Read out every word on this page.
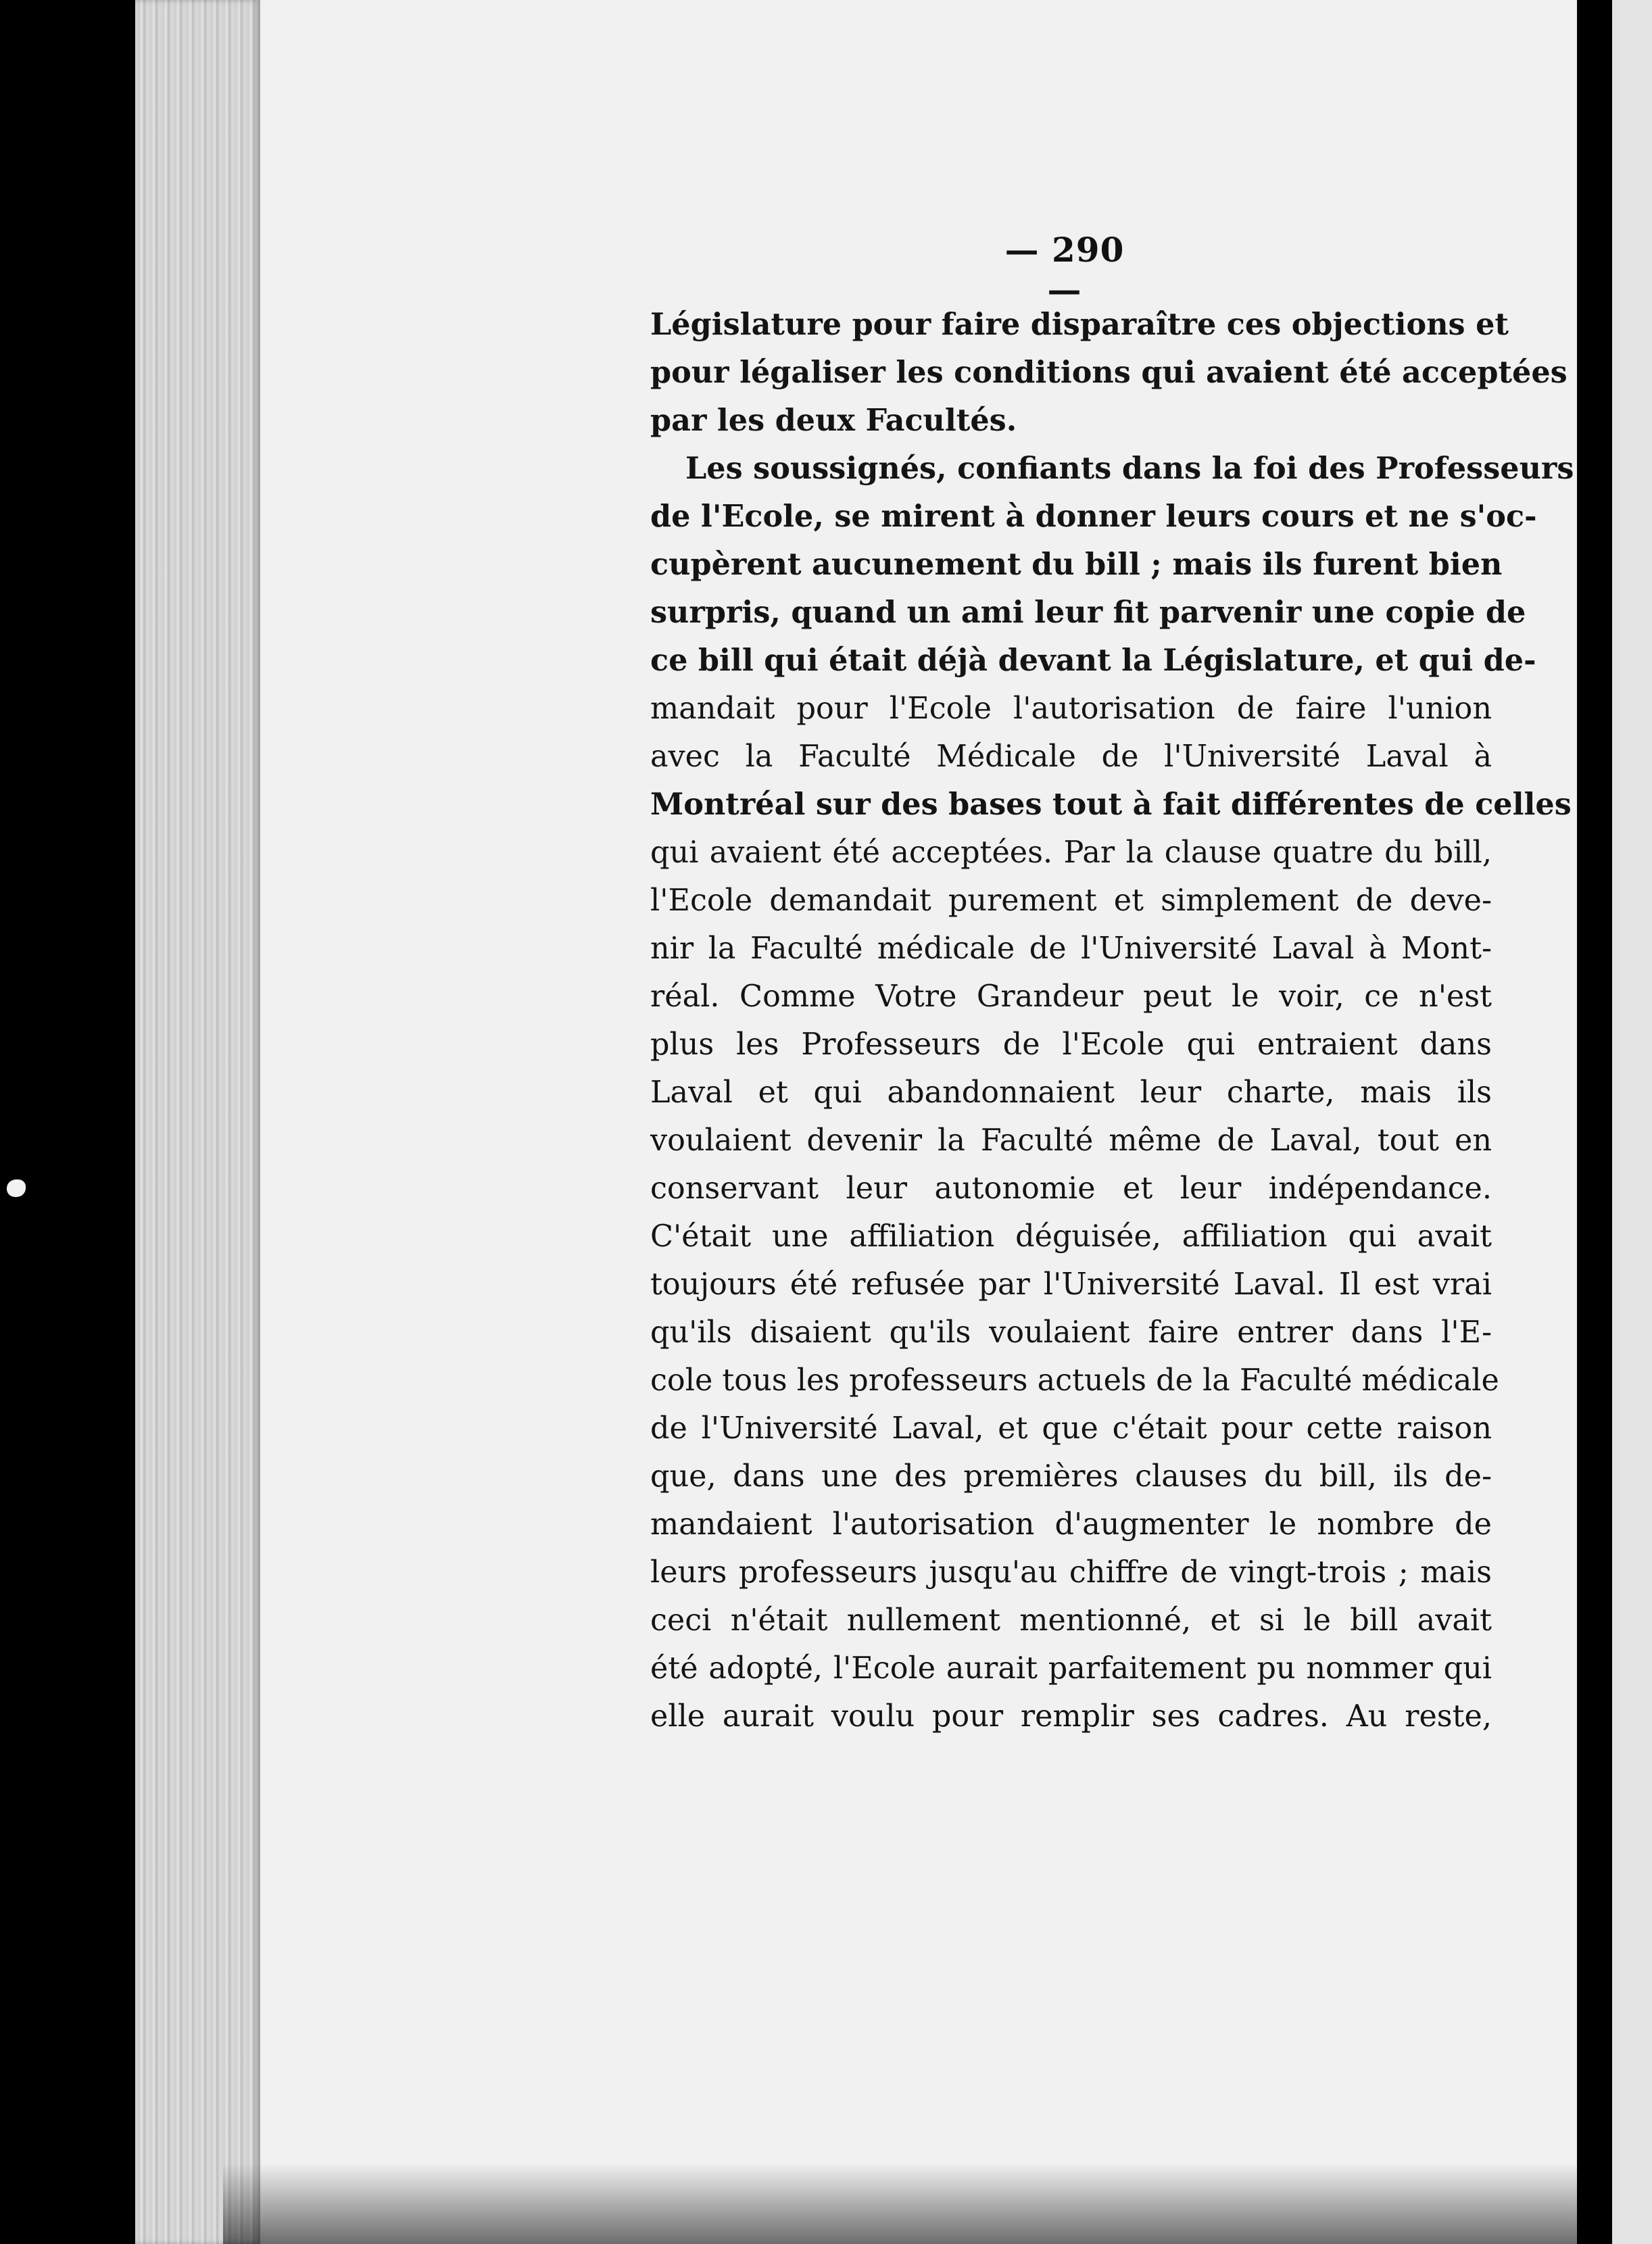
— 290 —
Législature pour faire disparaître ces objections et
pour légaliser les conditions qui avaient été acceptées
par les deux Facultés.
Les soussignés, confiants dans la foi des Professeurs
de l'Ecole, se mirent à donner leurs cours et ne s'oc-
cupèrent aucunement du bill ; mais ils furent bien
surpris, quand un ami leur fit parvenir une copie de
ce bill qui était déjà devant la Législature, et qui de-
mandait pour l'Ecole l'autorisation de faire l'union
avec la Faculté Médicale de l'Université Laval à
Montréal sur des bases tout à fait différentes de celles
qui avaient été acceptées. Par la clause quatre du bill,
l'Ecole demandait purement et simplement de deve-
nir la Faculté médicale de l'Université Laval à Mont-
réal. Comme Votre Grandeur peut le voir, ce n'est
plus les Professeurs de l'Ecole qui entraient dans
Laval et qui abandonnaient leur charte, mais ils
voulaient devenir la Faculté même de Laval, tout en
conservant leur autonomie et leur indépendance.
C'était une affiliation déguisée, affiliation qui avait
toujours été refusée par l'Université Laval. Il est vrai
qu'ils disaient qu'ils voulaient faire entrer dans l'E-
cole tous les professeurs actuels de la Faculté médicale
de l'Université Laval, et que c'était pour cette raison
que, dans une des premières clauses du bill, ils de-
mandaient l'autorisation d'augmenter le nombre de
leurs professeurs jusqu'au chiffre de vingt-trois ; mais
ceci n'était nullement mentionné, et si le bill avait
été adopté, l'Ecole aurait parfaitement pu nommer qui
elle aurait voulu pour remplir ses cadres. Au reste,
